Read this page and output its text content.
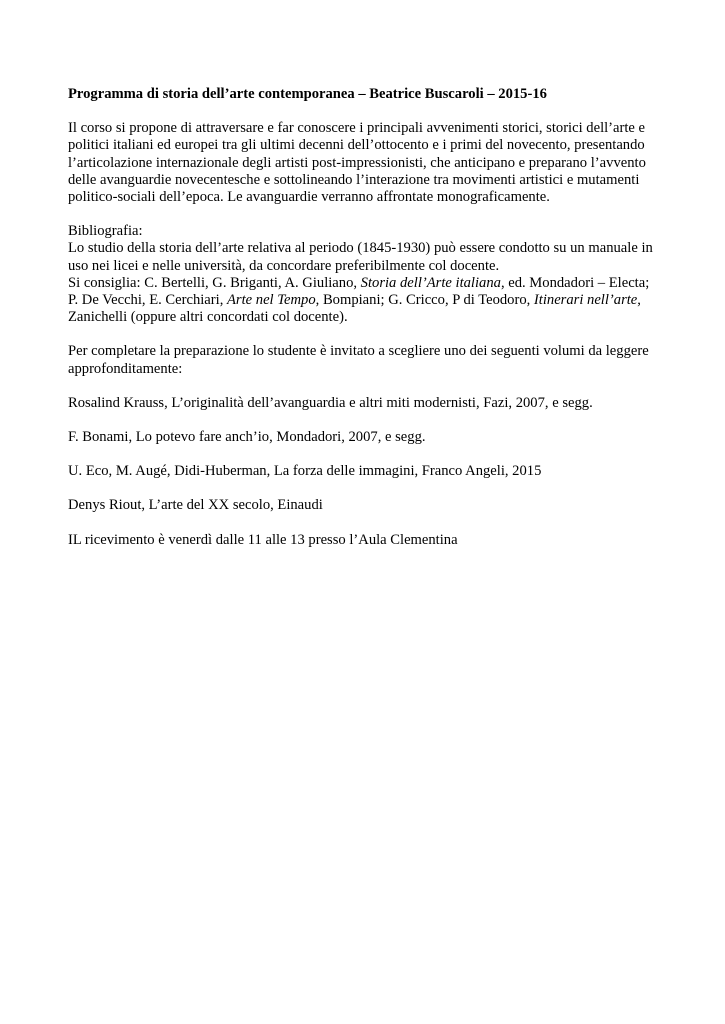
Programma di storia dell’arte contemporanea – Beatrice Buscaroli – 2015-16
Il corso si propone di attraversare e far conoscere i principali avvenimenti storici, storici dell’arte e
politici italiani ed europei tra gli ultimi decenni dell’ottocento e i primi del novecento, presentando
l’articolazione internazionale degli artisti post-impressionisti, che anticipano e preparano l’avvento
delle avanguardie novecentesche e sottolineando l’interazione tra movimenti artistici e mutamenti
politico-sociali dell’epoca. Le avanguardie verranno affrontate monograficamente.
Bibliografia:
Lo studio della storia dell’arte relativa al periodo (1845-1930) può essere condotto su un manuale in
uso nei licei e nelle università, da concordare preferibilmente col docente.
Si consiglia: C. Bertelli, G. Briganti, A. Giuliano, Storia dell’Arte italiana, ed. Mondadori – Electa;
P. De Vecchi, E. Cerchiari, Arte nel Tempo, Bompiani; G. Cricco, P di Teodoro, Itinerari nell’arte,
Zanichelli (oppure altri concordati col docente).
Per completare la preparazione lo studente è invitato a scegliere uno dei seguenti volumi da leggere
approfonditamente:
Rosalind Krauss, L’originalità dell’avanguardia e altri miti modernisti, Fazi, 2007, e segg.
F. Bonami, Lo potevo fare anch’io, Mondadori, 2007, e segg.
U. Eco, M. Augé, Didi-Huberman, La forza delle immagini, Franco Angeli, 2015
Denys Riout, L’arte del XX secolo, Einaudi
IL ricevimento è venerdì dalle 11 alle 13 presso l’Aula Clementina
